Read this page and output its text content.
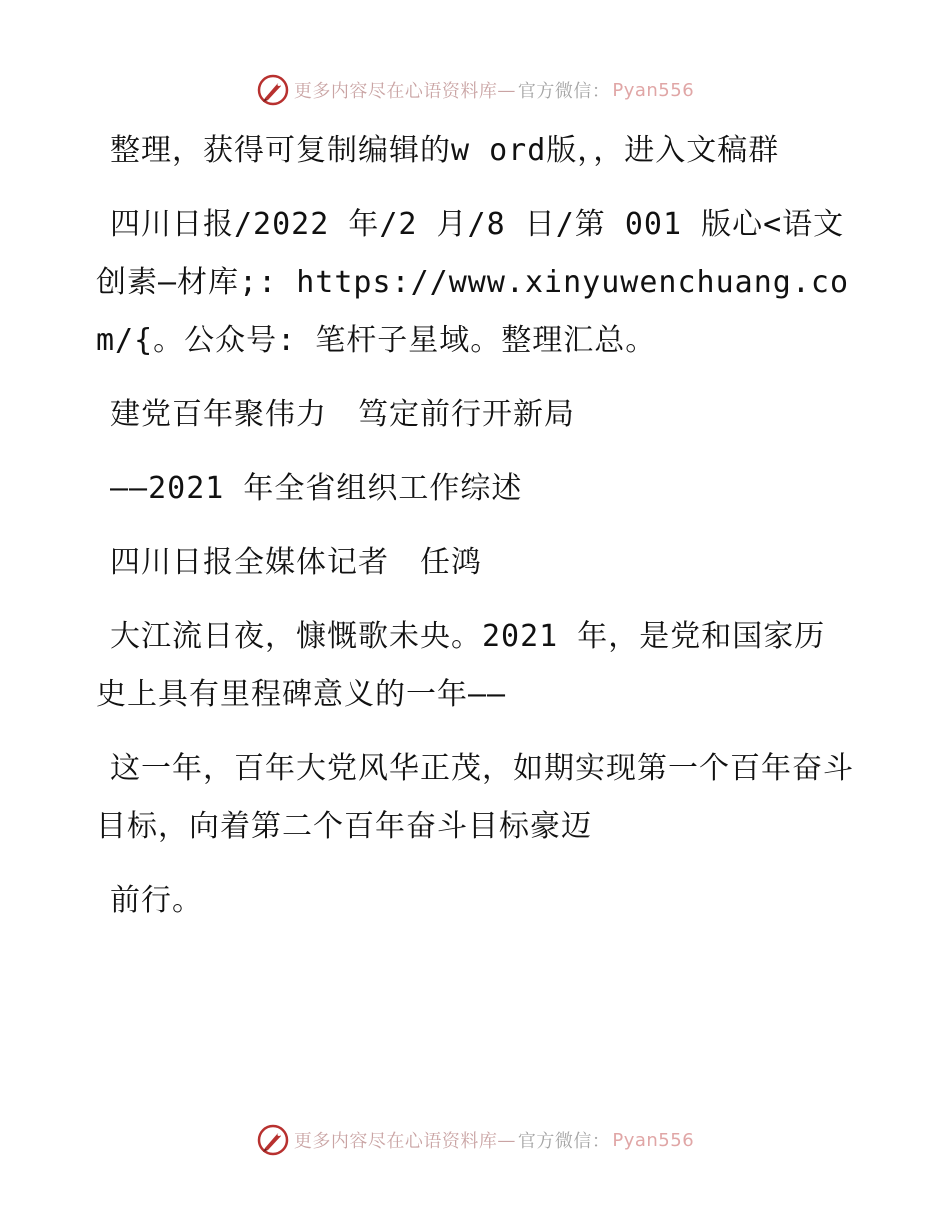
更多内容尽在心语资料库 — 官方微信： Pyan556

整理，获得可复制编辑的w ord版，，进入文稿群

四川日报/2022 年/2 月/8 日/第 001 版心<语文创素—材库;: https://www.xinyuwenchuang.com/{。公众号: 笔杆子星域。整理汇总。

建党百年聚伟力　笃定前行开新局

——2021 年全省组织工作综述

四川日报全媒体记者　任鸿

大江流日夜，慷慨歌未央。2021 年，是党和国家历史上具有里程碑意义的一年——

这一年，百年大党风华正茂，如期实现第一个百年奋斗目标，向着第二个百年奋斗目标豪迈

前行。

更多内容尽在心语资料库 — 官方微信： Pyan556
